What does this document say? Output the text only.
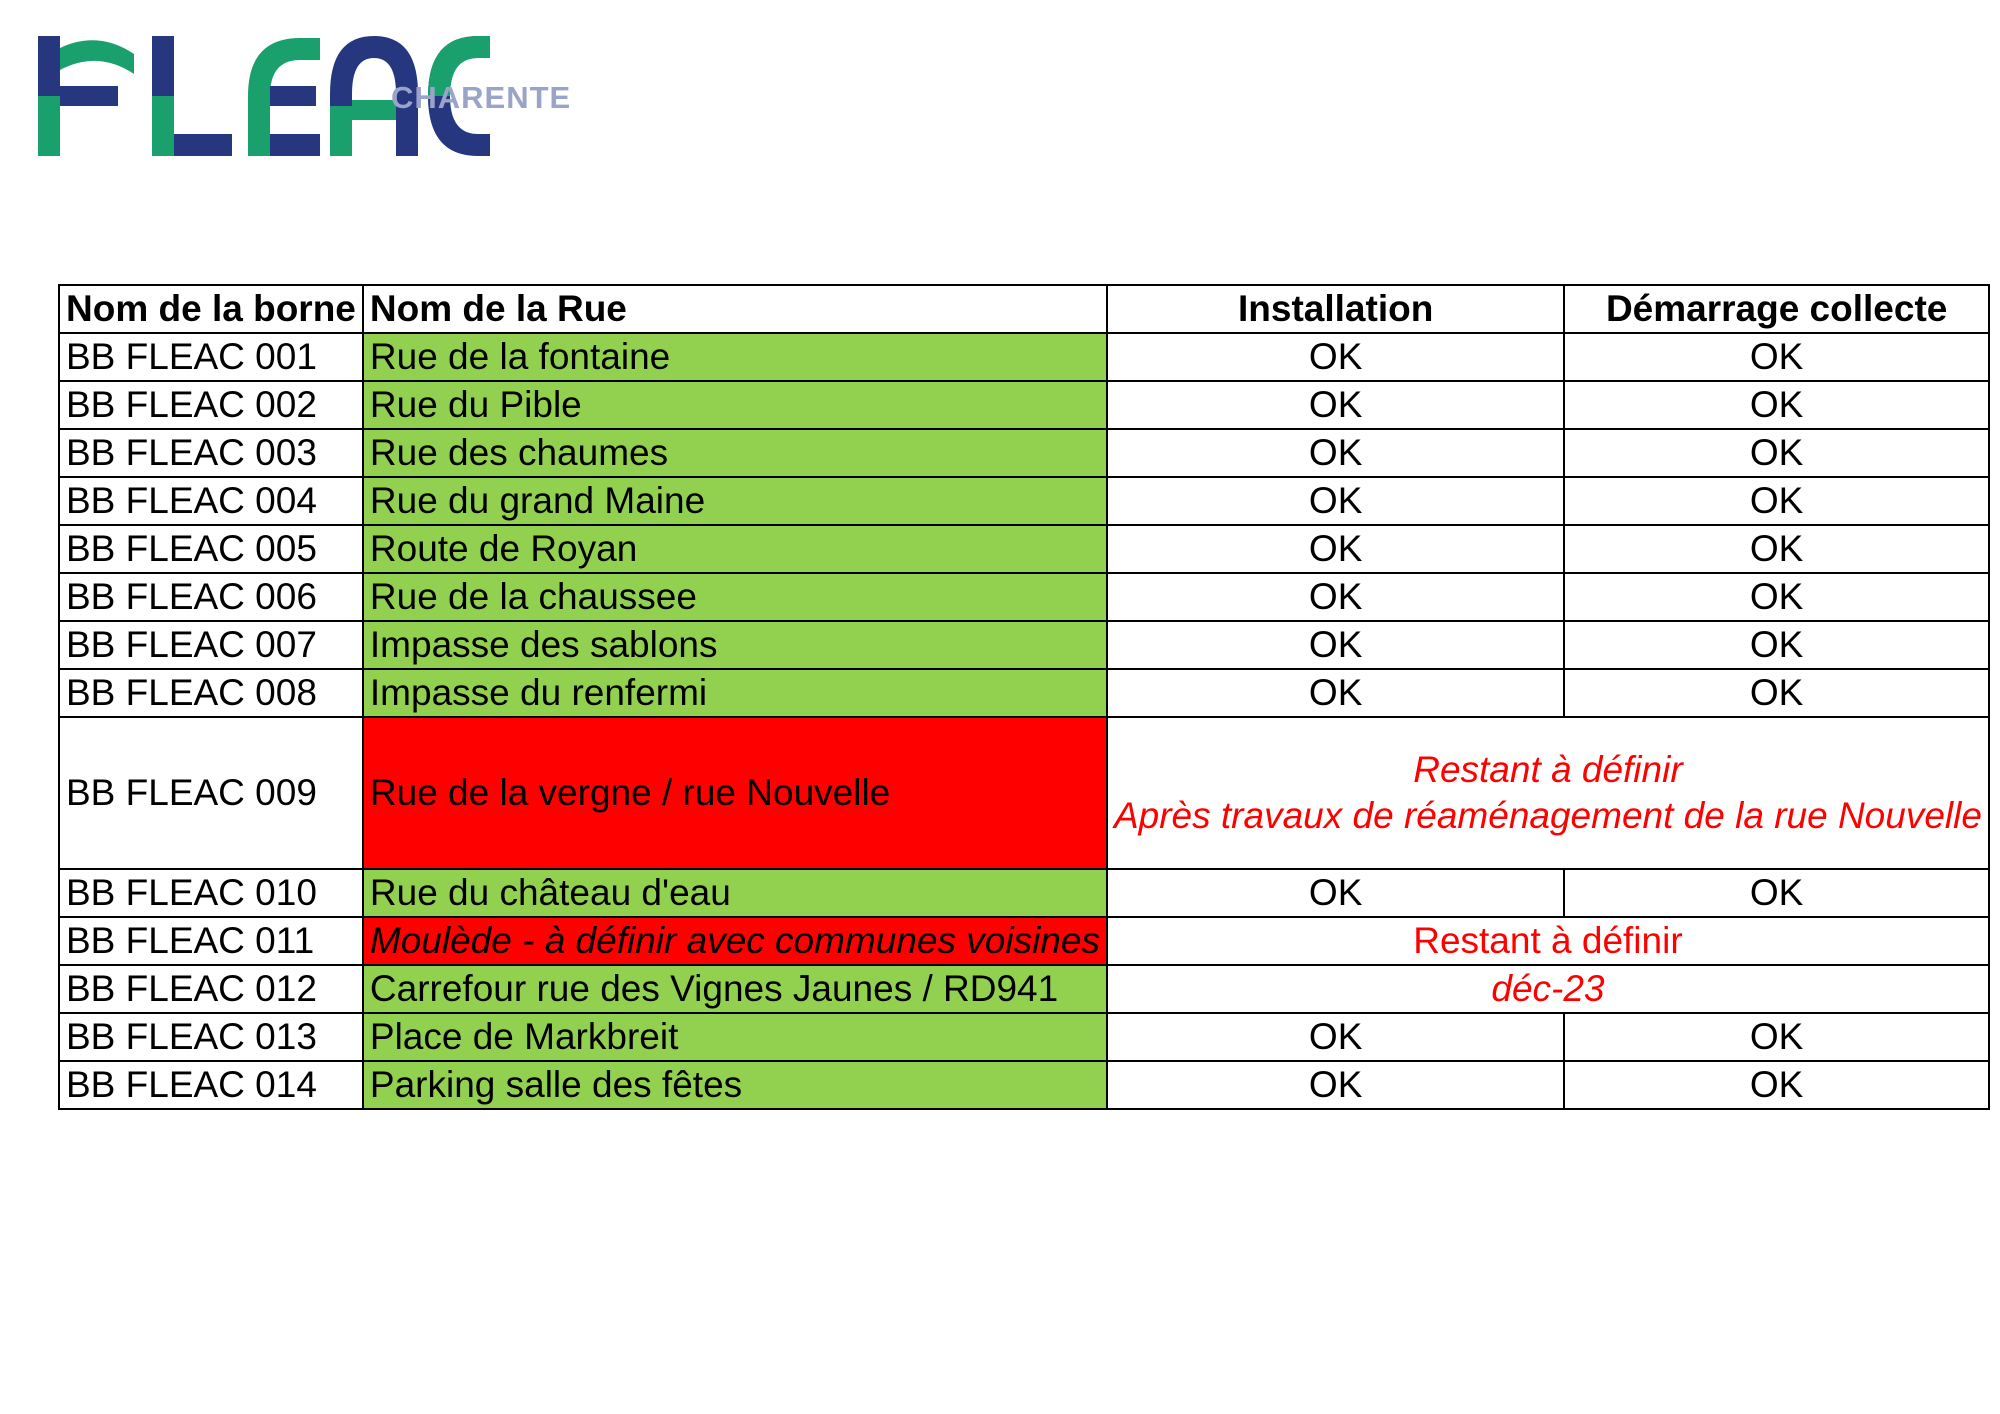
CHARENTE
Nom de la borne	Nom de la Rue	Installation	Démarrage collecte
BB FLEAC 001	Rue de la fontaine	OK	OK
BB FLEAC 002	Rue du Pible	OK	OK
BB FLEAC 003	Rue des chaumes	OK	OK
BB FLEAC 004	Rue du grand Maine	OK	OK
BB FLEAC 005	Route de Royan	OK	OK
BB FLEAC 006	Rue de la chaussee	OK	OK
BB FLEAC 007	Impasse des sablons	OK	OK
BB FLEAC 008	Impasse du renfermi	OK	OK
BB FLEAC 009	Rue de la vergne / rue Nouvelle	Restant à définir
Après travaux de réaménagement de la rue Nouvelle	

BB FLEAC 010	Rue du château d'eau	OK	OK
BB FLEAC 011	Moulède - à définir avec communes voisines	Restant à définir	
BB FLEAC 012	Carrefour rue des Vignes Jaunes / RD941	déc-23	
BB FLEAC 013	Place de Markbreit	OK	OK
BB FLEAC 014	Parking salle des fêtes	OK	OK
